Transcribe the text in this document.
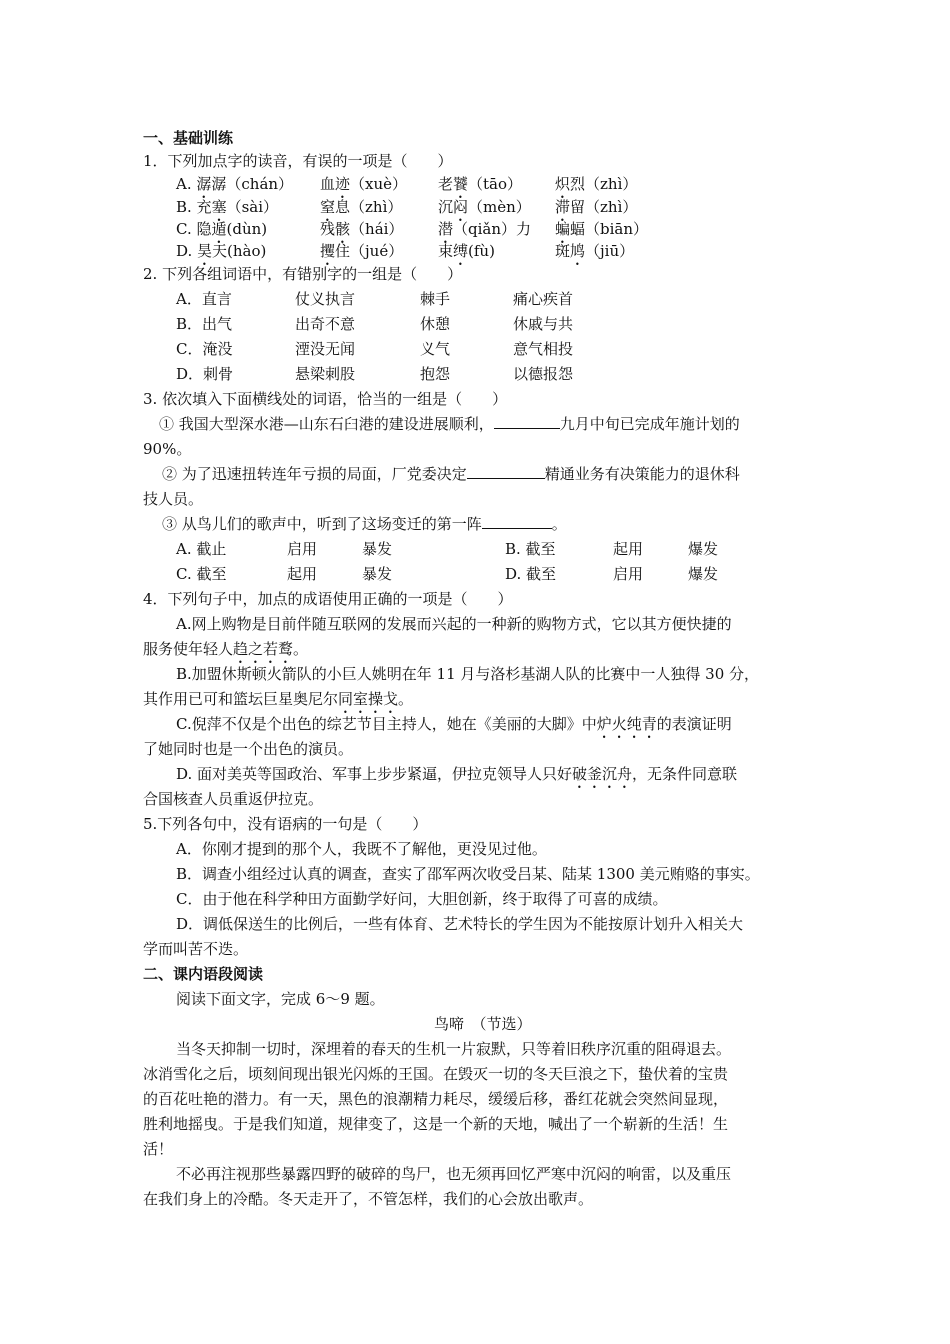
一、基础训练
1．下列加点字的读音，有误的一项是（　　）
A. 潺潺（chán） 血迹（xuè） 老饕（tāo） 炽烈（zhì）
B. 充塞（sài）	窒息（zhì） 沉闷（mèn） 滞留（zhì）
C. 隐遁(dùn)	残骸（hái） 潜（qiǎn）力 蝙蝠（biān）
D. 昊天(hào)	攫住（jué） 束缚(fù)	斑鸠（jiū）
2. 下列各组词语中，有错别字的一组是（　　）
A．直言	仗义执言	棘手	痛心疾首
B．出气	出奇不意	休憩	休戚与共
C．淹没	湮没无闻	义气	意气相投
D．刺骨	悬梁刺股	抱怨	以德报怨
3. 依次填入下面横线处的词语，恰当的一组是（　　）
① 我国大型深水港—山东石臼港的建设进展顺利，	九月中旬已完成年施计划的
90%。
② 为了迅速扭转连年亏损的局面，厂党委决定	精通业务有决策能力的退休科
技人员。
③ 从鸟儿们的歌声中，听到了这场变迁的第一阵	。
A. 截止	启用	暴发	B. 截至	起用	爆发
C. 截至	起用	暴发	D. 截至	启用	爆发
4．下列句子中，加点的成语使用正确的一项是（　　）
A.网上购物是目前伴随互联网的发展而兴起的一种新的购物方式，它以其方便快捷的
服务使年轻人趋之若鹜。
B.加盟休斯顿火箭队的小巨人姚明在年 11 月与洛杉基湖人队的比赛中一人独得 30 分，
其作用已可和篮坛巨星奥尼尔同室操戈。
C.倪萍不仅是个出色的综艺节目主持人，她在《美丽的大脚》中炉火纯青的表演证明
了她同时也是一个出色的演员。
D. 面对美英等国政治、军事上步步紧逼，伊拉克领导人只好破釜沉舟，无条件同意联
合国核查人员重返伊拉克。
5.下列各句中，没有语病的一句是（　　）
A．你刚才提到的那个人，我既不了解他，更没见过他。
B．调查小组经过认真的调查，查实了邵军两次收受吕某、陆某 1300 美元贿赂的事实。
C．由于他在科学种田方面勤学好问，大胆创新，终于取得了可喜的成绩。
D．调低保送生的比例后，一些有体育、艺术特长的学生因为不能按原计划升入相关大
学而叫苦不迭。
二、课内语段阅读
阅读下面文字，完成 6～9 题。
鸟啼　（节选）
当冬天抑制一切时，深埋着的春天的生机一片寂默，只等着旧秩序沉重的阻碍退去。
冰消雪化之后，顷刻间现出银光闪烁的王国。在毁灭一切的冬天巨浪之下，蛰伏着的宝贵
的百花吐艳的潜力。有一天，黑色的浪潮精力耗尽，缓缓后移，番红花就会突然间显现，
胜利地摇曳。于是我们知道，规律变了，这是一个新的天地，喊出了一个崭新的生活！生
活！
不必再注视那些暴露四野的破碎的鸟尸，也无须再回忆严寒中沉闷的响雷，以及重压
在我们身上的冷酷。冬天走开了，不管怎样，我们的心会放出歌声。
